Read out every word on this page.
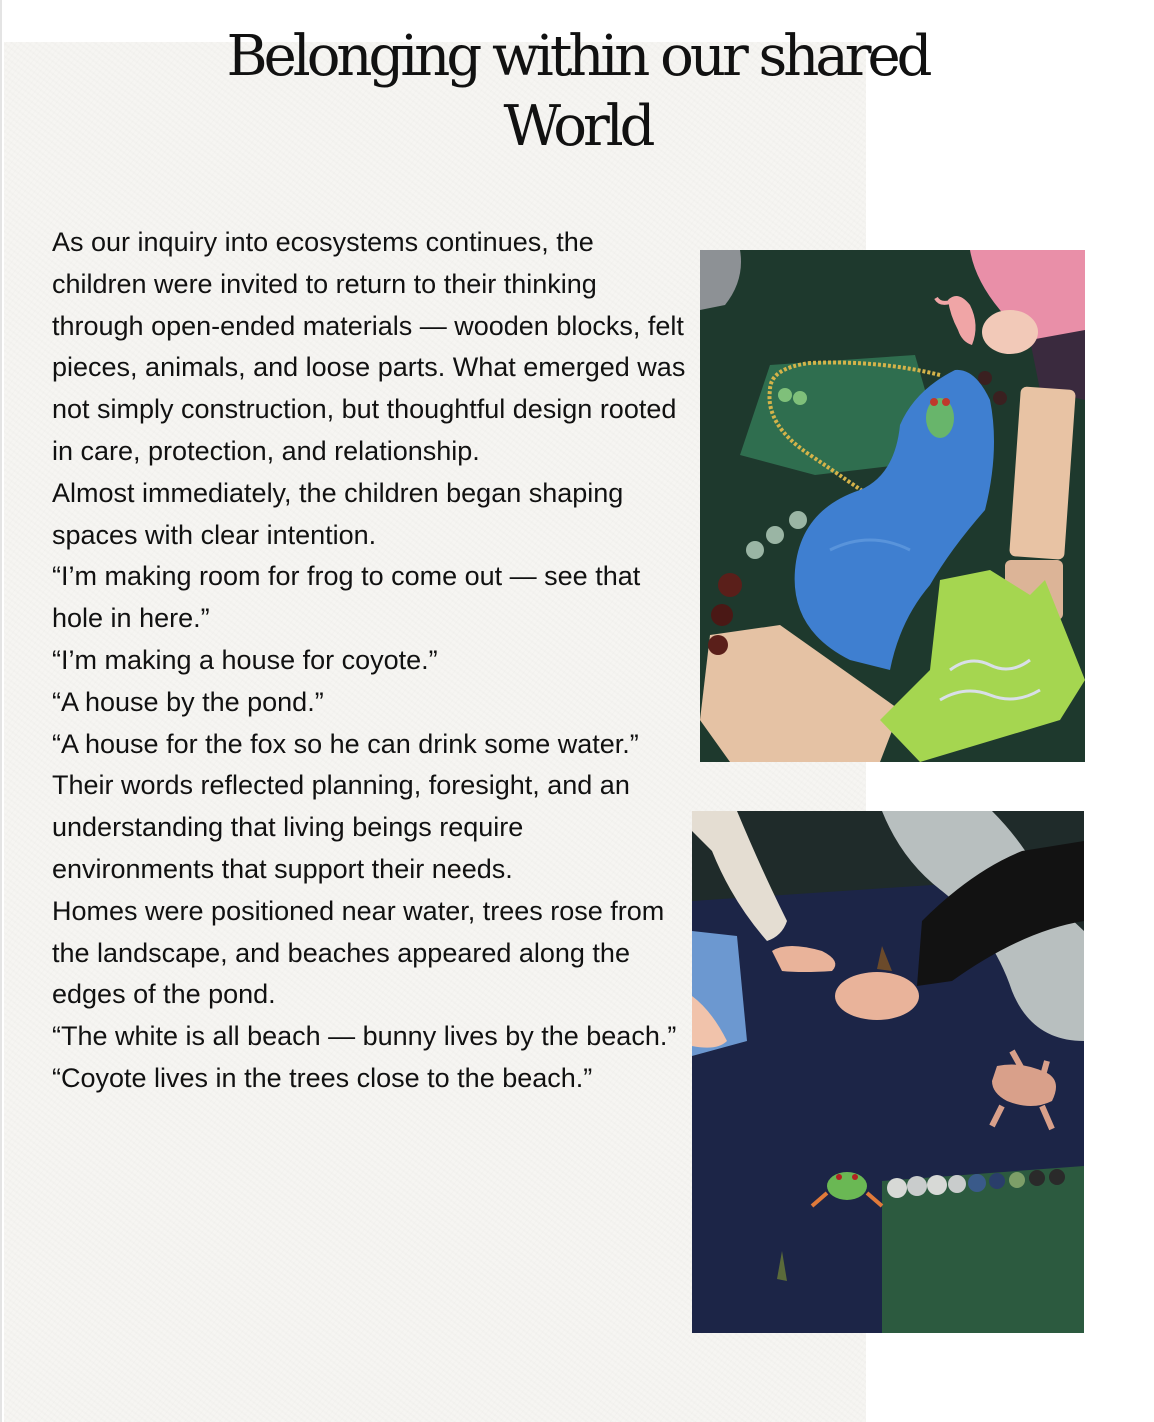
Belonging within our shared
World

As our inquiry into ecosystems continues, the children were invited to return to their thinking through open-ended materials — wooden blocks, felt pieces, animals, and loose parts. What emerged was not simply construction, but thoughtful design rooted in care, protection, and relationship.

Almost immediately, the children began shaping spaces with clear intention.

“I’m making room for frog to come out — see that hole in here.”

“I’m making a house for coyote.”

“A house by the pond.”

“A house for the fox so he can drink some water.”

Their words reflected planning, foresight, and an understanding that living beings require environments that support their needs.

Homes were positioned near water, trees rose from the landscape, and beaches appeared along the edges of the pond.

“The white is all beach — bunny lives by the beach.”

“Coyote lives in the trees close to the beach.”
